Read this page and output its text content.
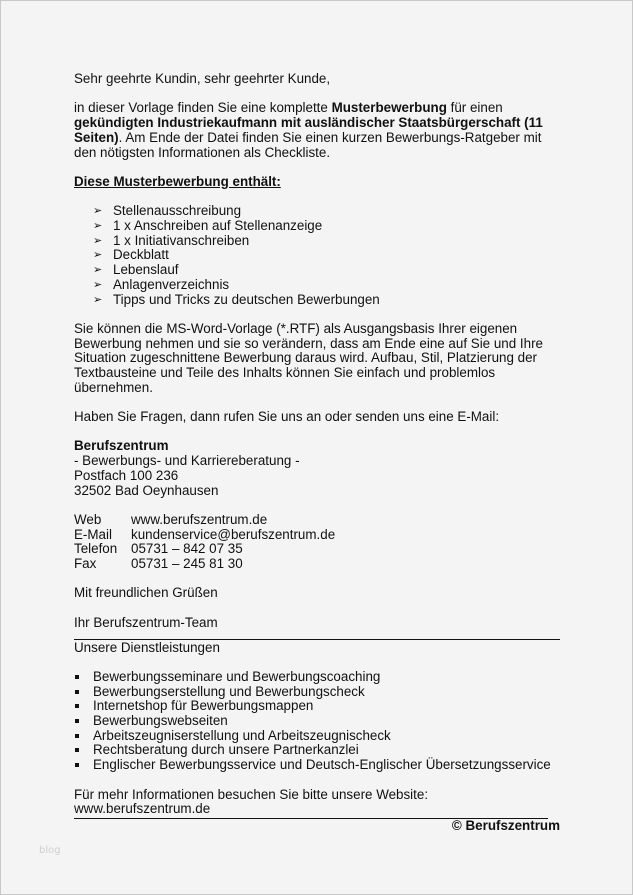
Sehr geehrte Kundin, sehr geehrter Kunde,

in dieser Vorlage finden Sie eine komplette Musterbewerbung für einen gekündigten Industriekaufmann mit ausländischer Staatsbürgerschaft (11 Seiten). Am Ende der Datei finden Sie einen kurzen Bewerbungs-Ratgeber mit den nötigsten Informationen als Checkliste.

Diese Musterbewerbung enthält:

➢ Stellenausschreibung
➢ 1 x Anschreiben auf Stellenanzeige
➢ 1 x Initiativanschreiben
➢ Deckblatt
➢ Lebenslauf
➢ Anlagenverzeichnis
➢ Tipps und Tricks zu deutschen Bewerbungen

Sie können die MS-Word-Vorlage (*.RTF) als Ausgangsbasis Ihrer eigenen Bewerbung nehmen und sie so verändern, dass am Ende eine auf Sie und Ihre Situation zugeschnittene Bewerbung daraus wird. Aufbau, Stil, Platzierung der Textbausteine und Teile des Inhalts können Sie einfach und problemlos übernehmen.

Haben Sie Fragen, dann rufen Sie uns an oder senden uns eine E-Mail:

Berufszentrum

- Bewerbungs- und Karriereberatung -

Postfach 100 236

32502 Bad Oeynhausen

Web	www.berufszentrum.de
E-Mail	kundenservice@berufszentrum.de
Telefon	05731 – 842 07 35
Fax	05731 – 245 81 30

Mit freundlichen Grüßen

Ihr Berufszentrum-Team

Unsere Dienstleistungen

Bewerbungsseminare und Bewerbungscoaching
Bewerbungserstellung und Bewerbungscheck
Internetshop für Bewerbungsmappen
Bewerbungswebseiten
Arbeitszeugniserstellung und Arbeitszeugnischeck
Rechtsberatung durch unsere Partnerkanzlei
Englischer Bewerbungsservice und Deutsch-Englischer Übersetzungsservice

Für mehr Informationen besuchen Sie bitte unsere Website: www.berufszentrum.de

© Berufszentrum

blog
